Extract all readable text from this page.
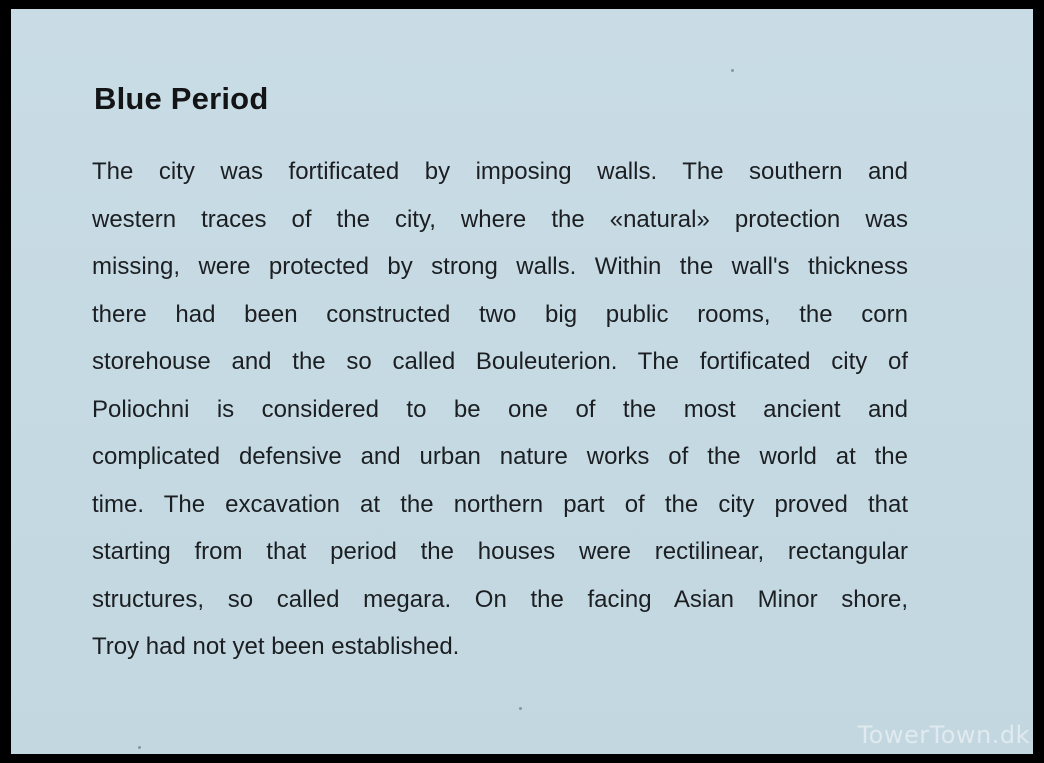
Blue Period
The city was fortificated by imposing walls. The southern and
western traces of the city, where the «natural» protection was
missing, were protected by strong walls. Within the wall's thickness
there had been constructed two big public rooms, the corn
storehouse and the so called Bouleuterion. The fortificated city of
Poliochni is considered to be one of the most ancient and
complicated defensive and urban nature works of the world at the
time. The excavation at the northern part of the city proved that
starting from that period the houses were rectilinear, rectangular
structures, so called megara. On the facing Asian Minor shore,
Troy had not yet been established.
TowerTown.dk
